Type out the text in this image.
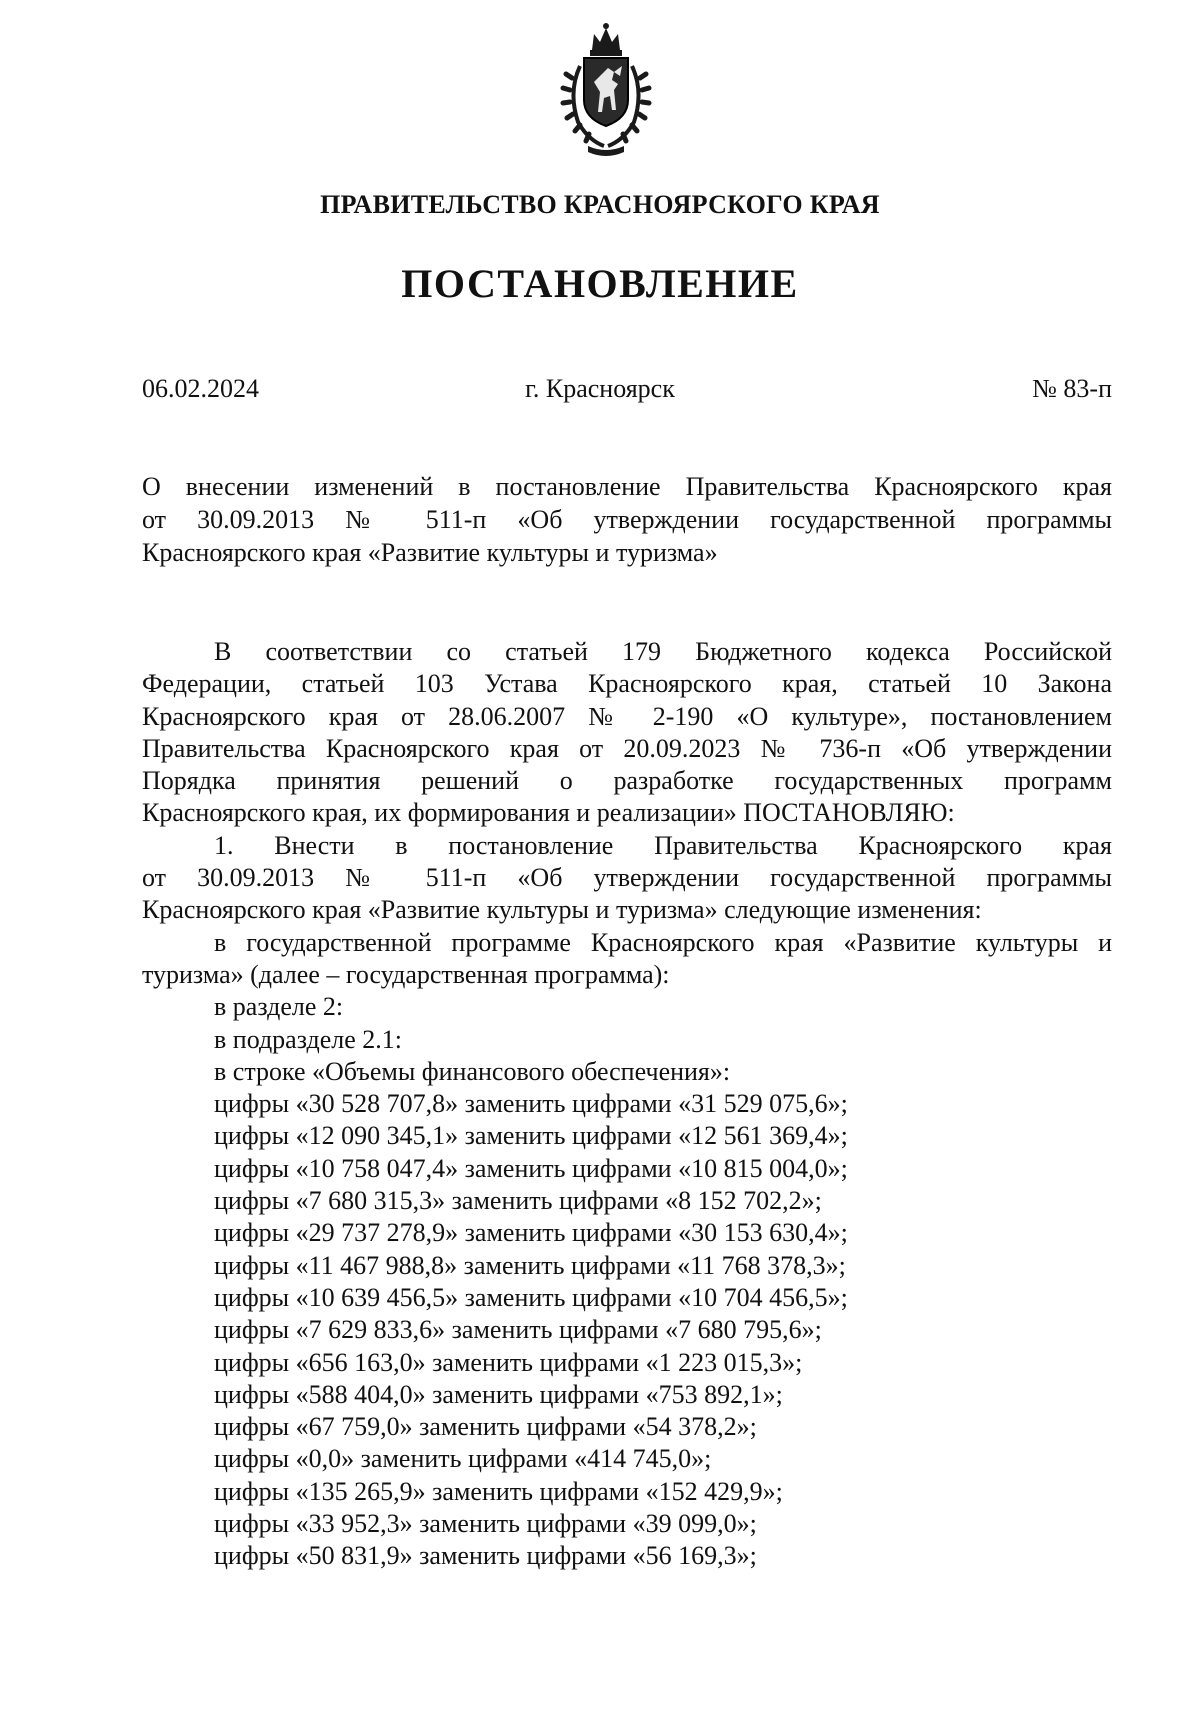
ПРАВИТЕЛЬСТВО КРАСНОЯРСКОГО КРАЯ
ПОСТАНОВЛЕНИЕ
06.02.2024	г. Красноярск	№ 83-п
О внесении изменений в постановление Правительства Красноярского края
от 30.09.2013 № 511-п «Об утверждении государственной программы
Красноярского края «Развитие культуры и туризма»
В соответствии со статьей 179 Бюджетного кодекса Российской
Федерации, статьей 103 Устава Красноярского края, статьей 10 Закона
Красноярского края от 28.06.2007 № 2-190 «О культуре», постановлением
Правительства Красноярского края от 20.09.2023 № 736-п «Об утверждении
Порядка принятия решений о разработке государственных программ
Красноярского края, их формирования и реализации» ПОСТАНОВЛЯЮ:
1. Внести в постановление Правительства Красноярского края
от 30.09.2013 № 511-п «Об утверждении государственной программы
Красноярского края «Развитие культуры и туризма» следующие изменения:
в государственной программе Красноярского края «Развитие культуры и
туризма» (далее – государственная программа):
в разделе 2:
в подразделе 2.1:
в строке «Объемы финансового обеспечения»:
цифры «30 528 707,8» заменить цифрами «31 529 075,6»;
цифры «12 090 345,1» заменить цифрами «12 561 369,4»;
цифры «10 758 047,4» заменить цифрами «10 815 004,0»;
цифры «7 680 315,3» заменить цифрами «8 152 702,2»;
цифры «29 737 278,9» заменить цифрами «30 153 630,4»;
цифры «11 467 988,8» заменить цифрами «11 768 378,3»;
цифры «10 639 456,5» заменить цифрами «10 704 456,5»;
цифры «7 629 833,6» заменить цифрами «7 680 795,6»;
цифры «656 163,0» заменить цифрами «1 223 015,3»;
цифры «588 404,0» заменить цифрами «753 892,1»;
цифры «67 759,0» заменить цифрами «54 378,2»;
цифры «0,0» заменить цифрами «414 745,0»;
цифры «135 265,9» заменить цифрами «152 429,9»;
цифры «33 952,3» заменить цифрами «39 099,0»;
цифры «50 831,9» заменить цифрами «56 169,3»;
